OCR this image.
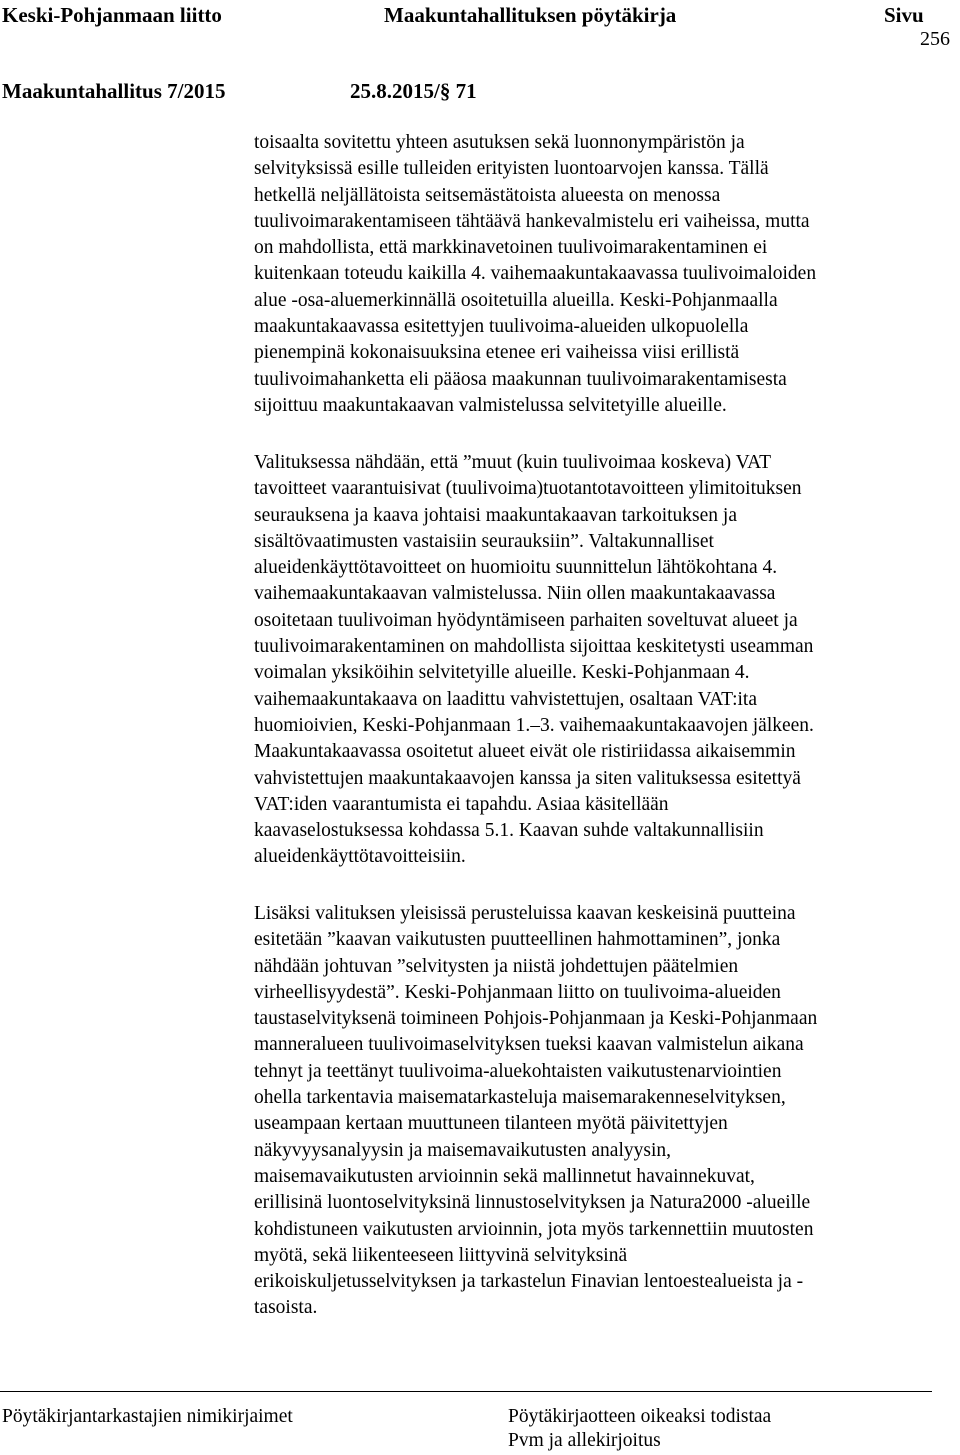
Keski-Pohjanmaan liitto	Maakuntahallituksen pöytäkirja	Sivu
256
Maakuntahallitus 7/2015	25.8.2015/§ 71
toisaalta sovitettu yhteen asutuksen sekä luonnonympäristön ja
selvityksissä esille tulleiden erityisten luontoarvojen kanssa. Tällä
hetkellä neljällätoista seitsemästätoista alueesta on menossa
tuulivoimarakentamiseen tähtäävä hankevalmistelu eri vaiheissa, mutta
on mahdollista, että markkinavetoinen tuulivoimarakentaminen ei
kuitenkaan toteudu kaikilla 4. vaihemaakuntakaavassa tuulivoimaloiden
alue -osa-aluemerkinnällä osoitetuilla alueilla. Keski-Pohjanmaalla
maakuntakaavassa esitettyjen tuulivoima-alueiden ulkopuolella
pienempinä kokonaisuuksina etenee eri vaiheissa viisi erillistä
tuulivoimahanketta eli pääosa maakunnan tuulivoimarakentamisesta
sijoittuu maakuntakaavan valmistelussa selvitetyille alueille.
Valituksessa nähdään, että ”muut (kuin tuulivoimaa koskeva) VAT
tavoitteet vaarantuisivat (tuulivoima)tuotantotavoitteen ylimitoituksen
seurauksena ja kaava johtaisi maakuntakaavan tarkoituksen ja
sisältövaatimusten vastaisiin seurauksiin”. Valtakunnalliset
alueidenkäyttötavoitteet on huomioitu suunnittelun lähtökohtana 4.
vaihemaakuntakaavan valmistelussa. Niin ollen maakuntakaavassa
osoitetaan tuulivoiman hyödyntämiseen parhaiten soveltuvat alueet ja
tuulivoimarakentaminen on mahdollista sijoittaa keskitetysti useamman
voimalan yksiköihin selvitetyille alueille. Keski-Pohjanmaan 4.
vaihemaakuntakaava on laadittu vahvistettujen, osaltaan VAT:ita
huomioivien, Keski-Pohjanmaan 1.–3. vaihemaakuntakaavojen jälkeen.
Maakuntakaavassa osoitetut alueet eivät ole ristiriidassa aikaisemmin
vahvistettujen maakuntakaavojen kanssa ja siten valituksessa esitettyä
VAT:iden vaarantumista ei tapahdu. Asiaa käsitellään
kaavaselostuksessa kohdassa 5.1. Kaavan suhde valtakunnallisiin
alueidenkäyttötavoitteisiin.
Lisäksi valituksen yleisissä perusteluissa kaavan keskeisinä puutteina
esitetään ”kaavan vaikutusten puutteellinen hahmottaminen”, jonka
nähdään johtuvan ”selvitysten ja niistä johdettujen päätelmien
virheellisyydestä”. Keski-Pohjanmaan liitto on tuulivoima-alueiden
taustaselvityksenä toimineen Pohjois-Pohjanmaan ja Keski-Pohjanmaan
manneralueen tuulivoimaselvityksen tueksi kaavan valmistelun aikana
tehnyt ja teettänyt tuulivoima-aluekohtaisten vaikutustenarviointien
ohella tarkentavia maisematarkasteluja maisemarakenneselvityksen,
useampaan kertaan muuttuneen tilanteen myötä päivitettyjen
näkyvyysanalyysin ja maisemavaikutusten analyysin,
maisemavaikutusten arvioinnin sekä mallinnetut havainnekuvat,
erillisinä luontoselvityksinä linnustoselvityksen ja Natura2000 -alueille
kohdistuneen vaikutusten arvioinnin, jota myös tarkennettiin muutosten
myötä, sekä liikenteeseen liittyvinä selvityksinä
erikoiskuljetusselvityksen ja tarkastelun Finavian lentoestealueista ja -
tasoista.
Pöytäkirjantarkastajien nimikirjaimet	Pöytäkirjaotteen oikeaksi todistaa
Pvm ja allekirjoitus
